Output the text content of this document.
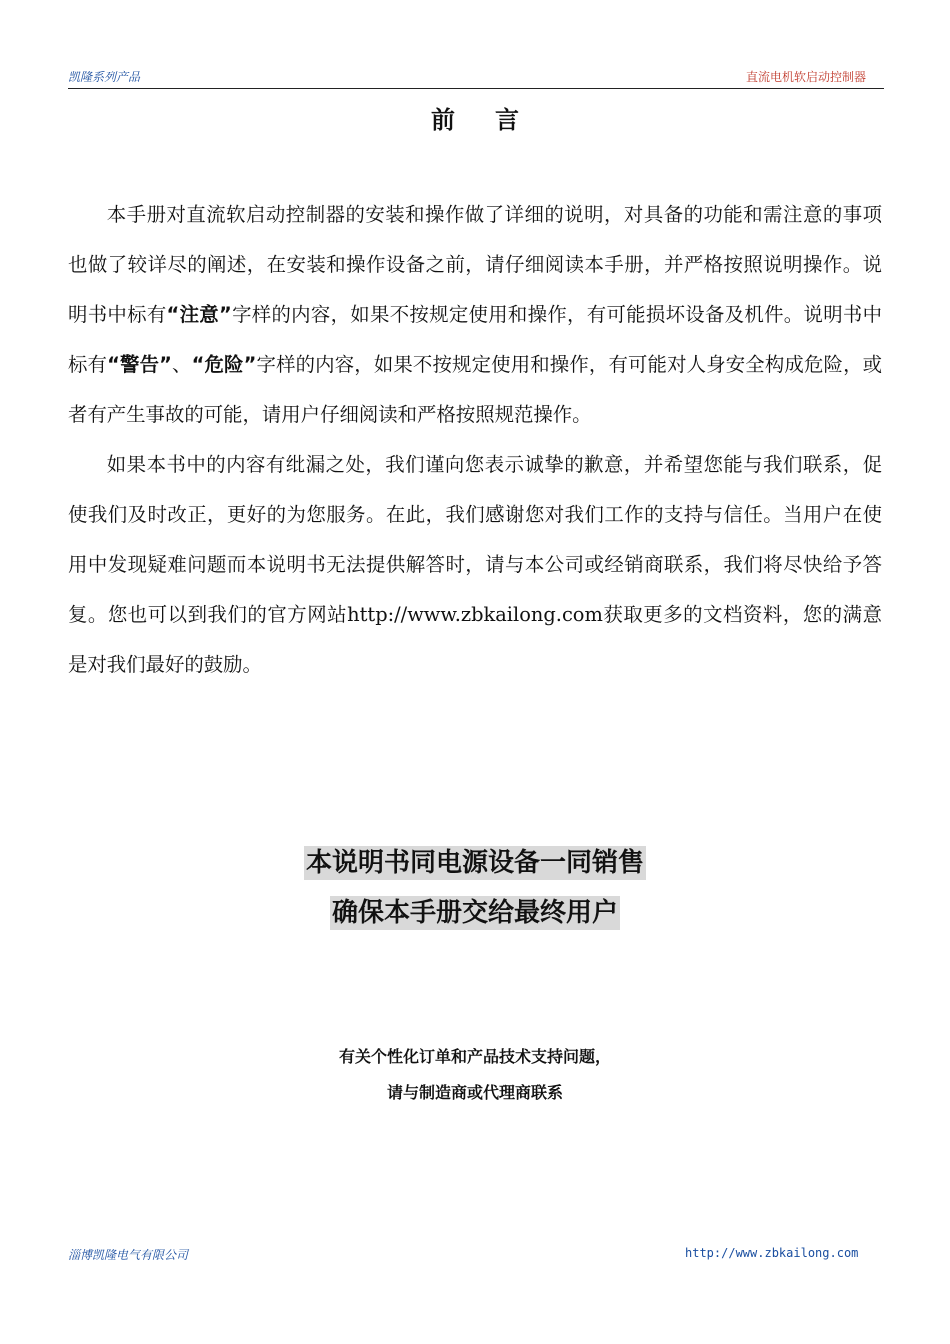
凯隆系列产品	直流电机软启动控制器
前言

本手册对直流软启动控制器的安装和操作做了详细的说明，对具备的功能和需注意的事项也做了较详尽的阐述，在安装和操作设备之前，请仔细阅读本手册，并严格按照说明操作。说明书中标有“注意”字样的内容，如果不按规定使用和操作，有可能损坏设备及机件。说明书中标有“警告”、“危险”字样的内容，如果不按规定使用和操作，有可能对人身安全构成危险，或者有产生事故的可能，请用户仔细阅读和严格按照规范操作。

如果本书中的内容有纰漏之处，我们谨向您表示诚挚的歉意，并希望您能与我们联系，促使我们及时改正，更好的为您服务。在此，我们感谢您对我们工作的支持与信任。当用户在使用中发现疑难问题而本说明书无法提供解答时，请与本公司或经销商联系，我们将尽快给予答复。您也可以到我们的官方网站http://www.zbkailong.com获取更多的文档资料，您的满意是对我们最好的鼓励。

本说明书同电源设备一同销售
确保本手册交给最终用户
有关个性化订单和产品技术支持问题，
请与制造商或代理商联系
淄博凯隆电气有限公司	http://www.zbkailong.com
